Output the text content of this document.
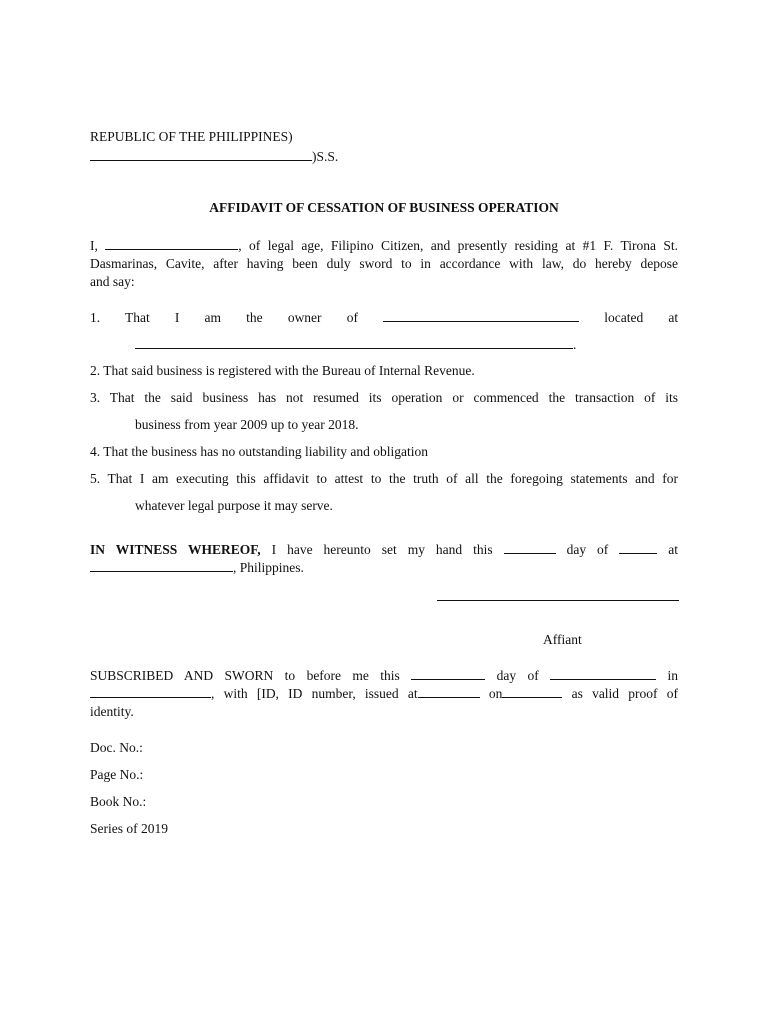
REPUBLIC OF THE PHILIPPINES)
)S.S.
AFFIDAVIT OF CESSATION OF BUSINESS OPERATION
I,	, of legal age, Filipino Citizen, and presently residing at #1 F. Tirona St.
Dasmarinas, Cavite, after having been duly sword to in accordance with law, do hereby depose
and say:
1. That I am the owner of	located at
.
2. That said business is registered with the Bureau of Internal Revenue.
3. That the said business has not resumed its operation or commenced the transaction of its
business from year 2009 up to year 2018.
4. That the business has no outstanding liability and obligation
5. That I am executing this affidavit to attest to the truth of all the foregoing statements and for
whatever legal purpose it may serve.
IN WITNESS WHEREOF, I have hereunto set my hand this	day of	at
, Philippines.
Affiant
SUBSCRIBED AND SWORN to before me this	day of	in
, with [ID, ID number, issued at	on	as valid proof of
identity.
Doc. No.:
Page No.:
Book No.:
Series of 2019
